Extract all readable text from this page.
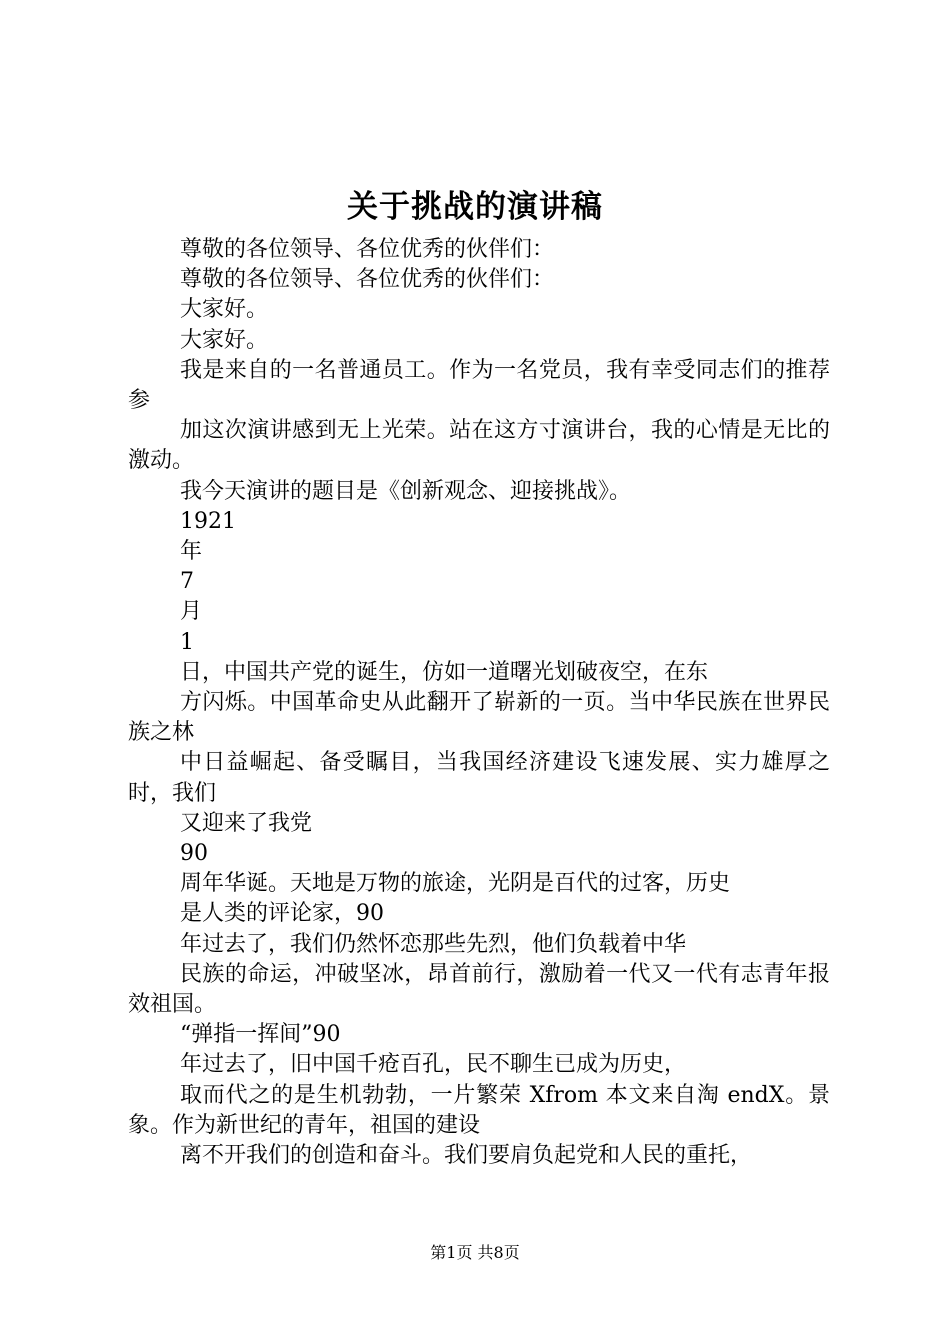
关于挑战的演讲稿

尊敬的各位领导、各位优秀的伙伴们：

尊敬的各位领导、各位优秀的伙伴们：

大家好。

大家好。

我是来自的一名普通员工。作为一名党员，我有幸受同志们的推荐参

加这次演讲感到无上光荣。站在这方寸演讲台，我的心情是无比的激动。

我今天演讲的题目是《创新观念、迎接挑战》。

1921

年

7

月

1

日，中国共产党的诞生，仿如一道曙光划破夜空，在东

方闪烁。中国革命史从此翻开了崭新的一页。当中华民族在世界民族之林

中日益崛起、备受瞩目，当我国经济建设飞速发展、实力雄厚之时，我们

又迎来了我党

90

周年华诞。天地是万物的旅途，光阴是百代的过客，历史

是人类的评论家，90

年过去了，我们仍然怀恋那些先烈，他们负载着中华

民族的命运，冲破坚冰，昂首前行，激励着一代又一代有志青年报效祖国。

“弹指一挥间”90

年过去了，旧中国千疮百孔，民不聊生已成为历史，

取而代之的是生机勃勃，一片繁荣 Xfrom 本文来自淘 endX。景象。作为新世纪的青年，祖国的建设

离不开我们的创造和奋斗。我们要肩负起党和人民的重托，

第1页 共8页
